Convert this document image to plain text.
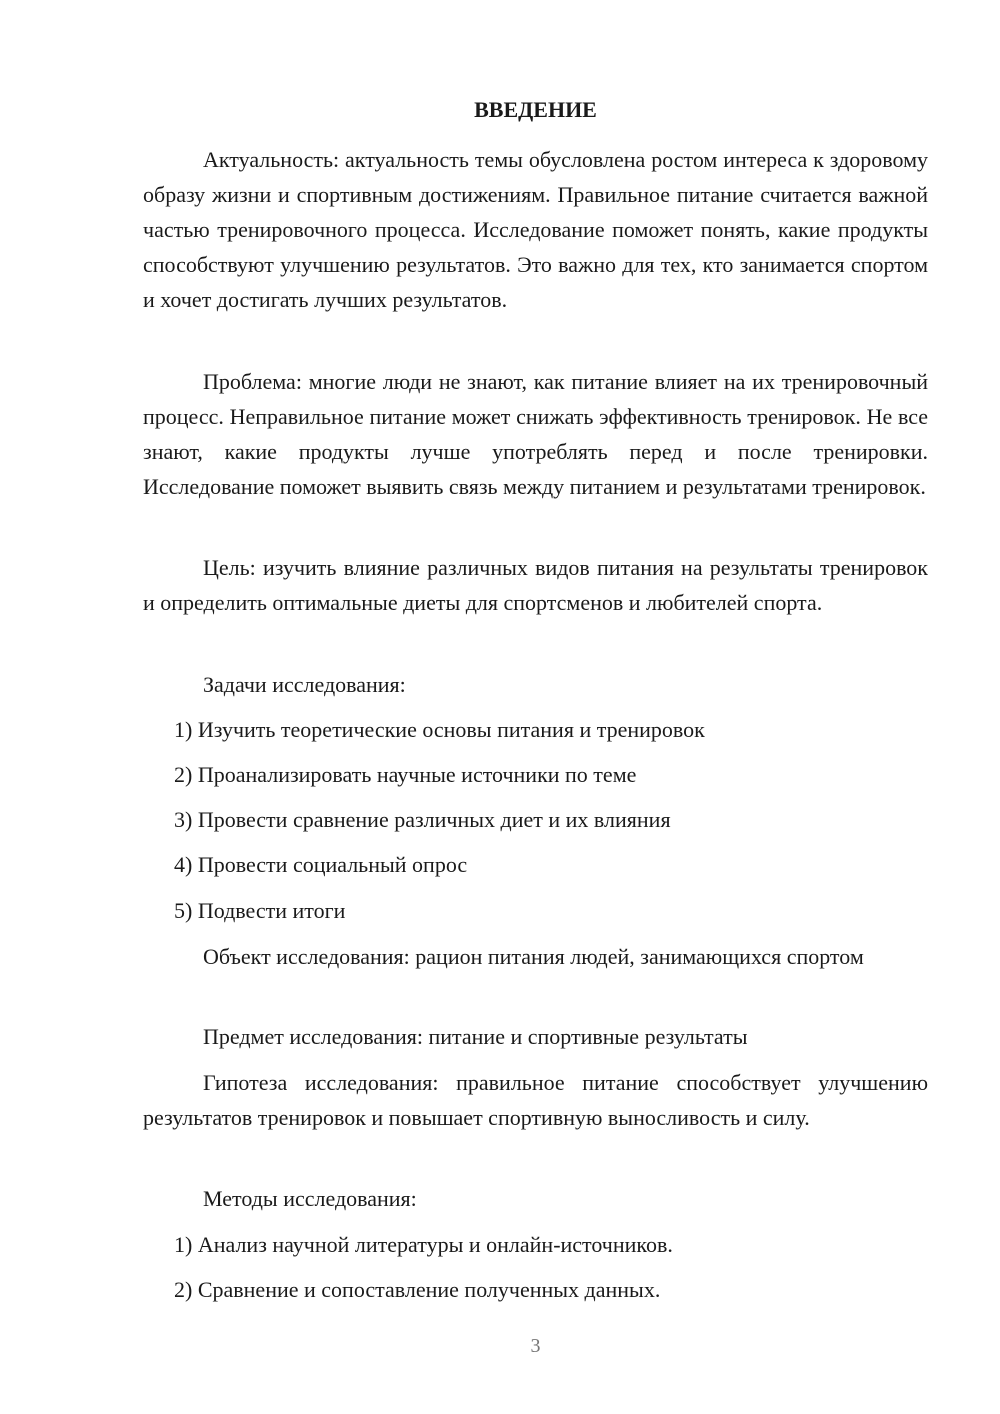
ВВЕДЕНИЕ

Актуальность: актуальность темы обусловлена ростом интереса к здоровому образу жизни и спортивным достижениям. Правильное питание считается важной частью тренировочного процесса. Исследование поможет понять, какие продукты способствуют улучшению результатов. Это важно для тех, кто занимается спортом и хочет достигать лучших результатов.

Проблема: многие люди не знают, как питание влияет на их тренировочный процесс. Неправильное питание может снижать эффективность тренировок. Не все знают, какие продукты лучше употреблять перед и после тренировки. Исследование поможет выявить связь между питанием и результатами тренировок.

Цель: изучить влияние различных видов питания на результаты тренировок и определить оптимальные диеты для спортсменов и любителей спорта.

Задачи исследования:
1) Изучить теоретические основы питания и тренировок
2) Проанализировать научные источники по теме
3) Провести сравнение различных диет и их влияния
4) Провести социальный опрос
5) Подвести итоги

Объект исследования: рацион питания людей, занимающихся спортом

Предмет исследования: питание и спортивные результаты

Гипотеза исследования: правильное питание способствует улучшению результатов тренировок и повышает спортивную выносливость и силу.

Методы исследования:
1) Анализ научной литературы и онлайн-источников.
2) Сравнение и сопоставление полученных данных.
3
